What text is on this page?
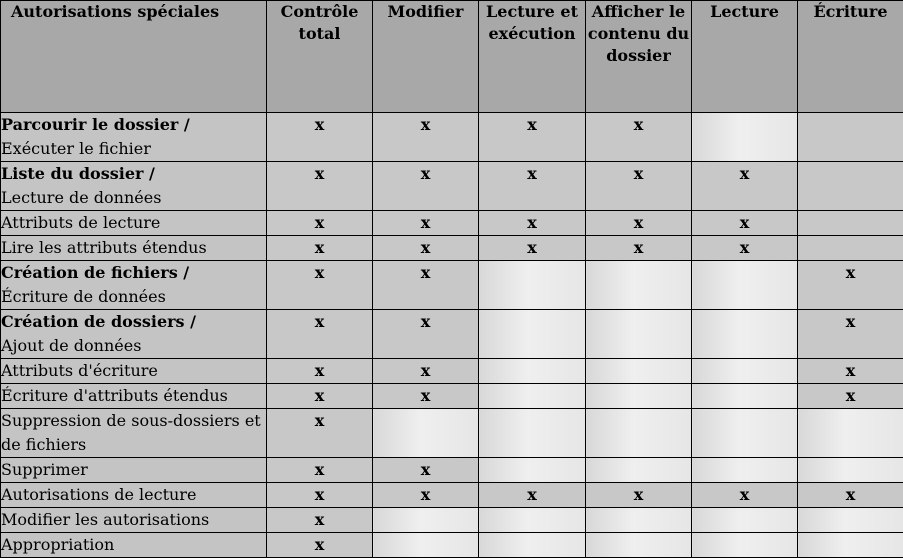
Autorisations spéciales	Contrôle total	Modifier	Lecture et exécution	Afficher le contenu du dossier	Lecture	Écriture

Parcourir le dossier /
Exécuter le fichier	x	x	x	x		

Liste du dossier /
Lecture de données	x	x	x	x	x	

Attributs de lecture	x	x	x	x	x	

Lire les attributs étendus	x	x	x	x	x	

Création de fichiers /
Écriture de données	x	x				x

Création de dossiers /
Ajout de données	x	x				x

Attributs d'écriture	x	x				x

Écriture d'attributs étendus	x	x				x

Suppression de sous-dossiers et de fichiers	x					

Supprimer	x	x				

Autorisations de lecture	x	x	x	x	x	x

Modifier les autorisations	x					

Appropriation	x					
